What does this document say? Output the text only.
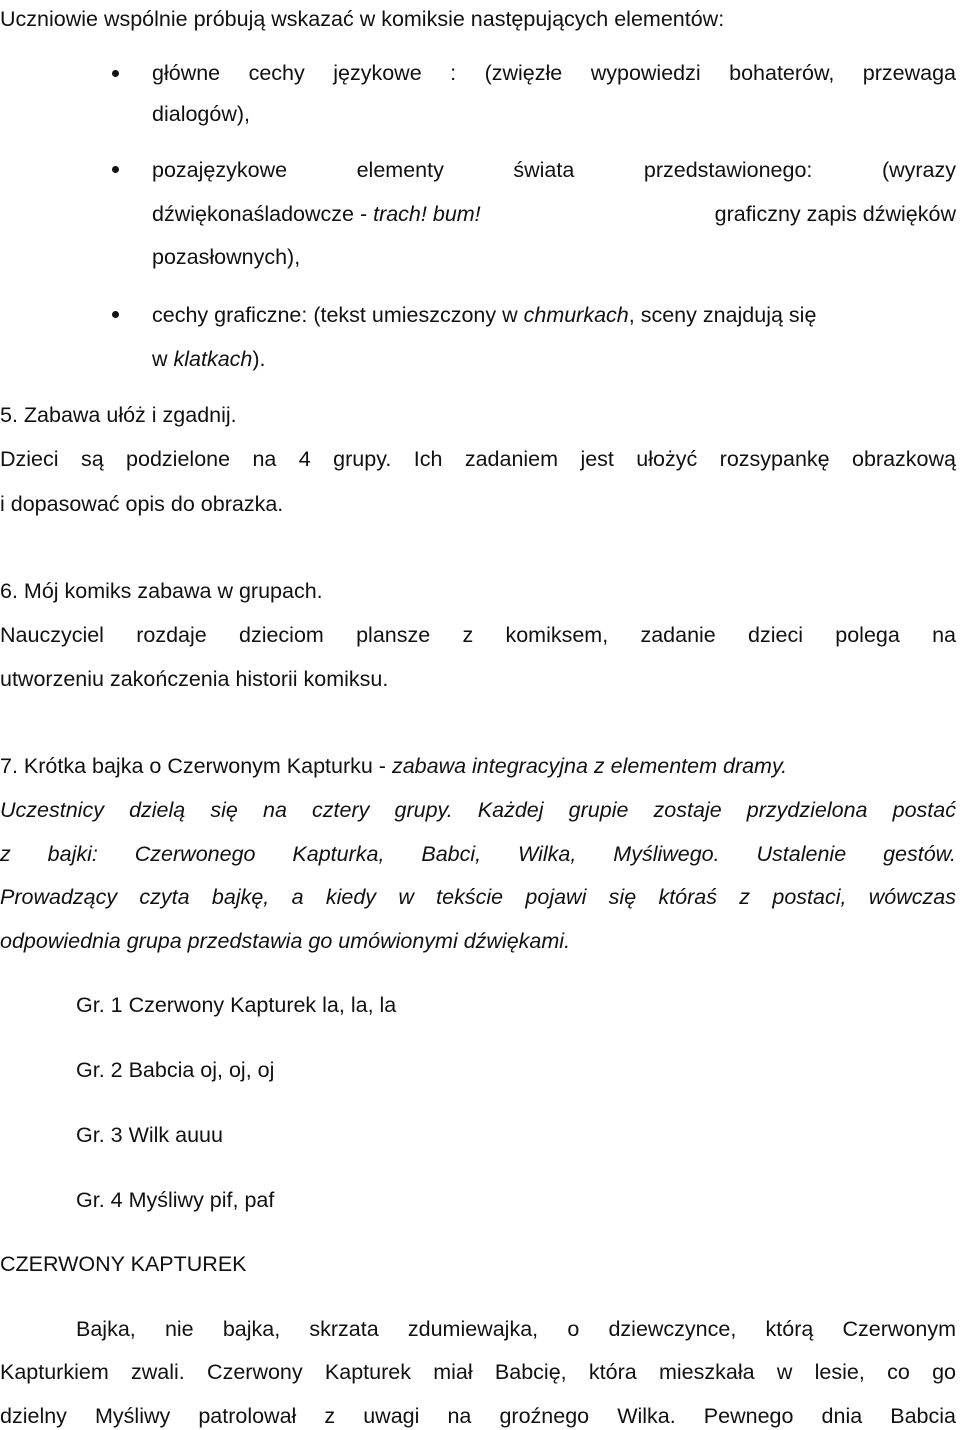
Uczniowie wspólnie próbują wskazać w komiksie następujących elementów:
główne cechy językowe : (zwięzłe wypowiedzi bohaterów, przewaga
dialogów),
pozajęzykowe elementy świata przedstawionego: (wyrazy
dźwiękonaśladowcze - trach! bum!	graficzny zapis dźwięków
pozasłownych),
cechy graficzne: (tekst umieszczony w chmurkach, sceny znajdują się
w klatkach).
5. Zabawa ułóż i zgadnij.
Dzieci są podzielone na 4 grupy. Ich zadaniem jest ułożyć rozsypankę obrazkową
i dopasować opis do obrazka.
6. Mój komiks zabawa w grupach.
Nauczyciel rozdaje dzieciom plansze z komiksem, zadanie dzieci polega na
utworzeniu zakończenia historii komiksu.
7. Krótka bajka o Czerwonym Kapturku - zabawa integracyjna z elementem dramy.
Uczestnicy dzielą się na cztery grupy. Każdej grupie zostaje przydzielona postać
z bajki: Czerwonego Kapturka, Babci, Wilka, Myśliwego. Ustalenie gestów.
Prowadzący czyta bajkę, a kiedy w tekście pojawi się któraś z postaci, wówczas
odpowiednia grupa przedstawia go umówionymi dźwiękami.
Gr. 1 Czerwony Kapturek la, la, la
Gr. 2 Babcia oj, oj, oj
Gr. 3 Wilk auuu
Gr. 4 Myśliwy pif, paf
CZERWONY KAPTUREK
Bajka, nie bajka, skrzata zdumiewajka, o dziewczynce, którą Czerwonym
Kapturkiem zwali. Czerwony Kapturek miał Babcię, która mieszkała w lesie, co go
dzielny Myśliwy patrolował z uwagi na groźnego Wilka. Pewnego dnia Babcia
